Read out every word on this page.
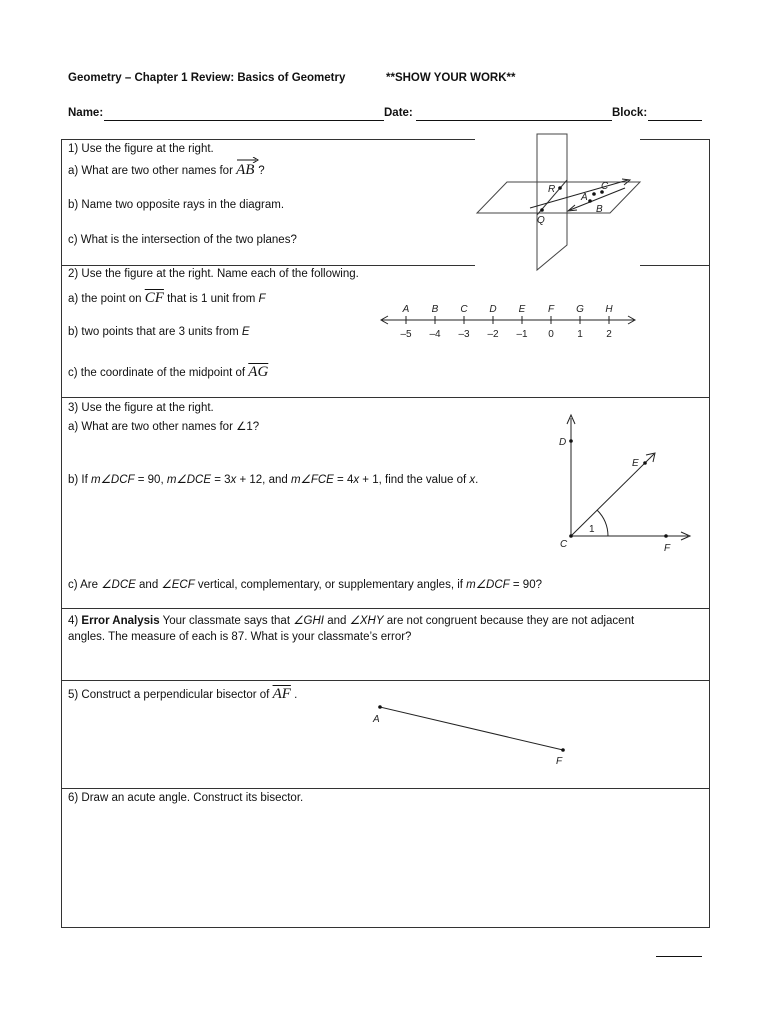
Geometry – Chapter 1 Review: Basics of Geometry	**SHOW YOUR WORK**
Name:	Date:	Block:
1) Use the figure at the right.
a) What are two other names for AB ?
b) Name two opposite rays in the diagram.
c) What is the intersection of the two planes?
R	C
A
B
Q
2) Use the figure at the right. Name each of the following.
a) the point on $\overline{CF}$ that is 1 unit from F
b) two points that are 3 units from E
c) the coordinate of the midpoint of $\overline{AG}$
A
–5
B
–4
C
–3
D
–2
E
–1
F
0
G
1
H
2
3) Use the figure at the right.
a) What are two other names for ∠1?
b) If m∠DCF = 90, m∠DCE = 3x + 12, and m∠FCE = 4x + 1, find the value of x.
c) Are ∠DCE and ∠ECF vertical, complementary, or supplementary angles, if m∠DCF = 90?
D
E
C	F
1
4) Error Analysis Your classmate says that ∠GHI and ∠XHY are not congruent because they are not adjacent
angles. The measure of each is 87. What is your classmate’s error?
5) Construct a perpendicular bisector of $\overline{AF}$ .
A
F
6) Draw an acute angle. Construct its bisector.
